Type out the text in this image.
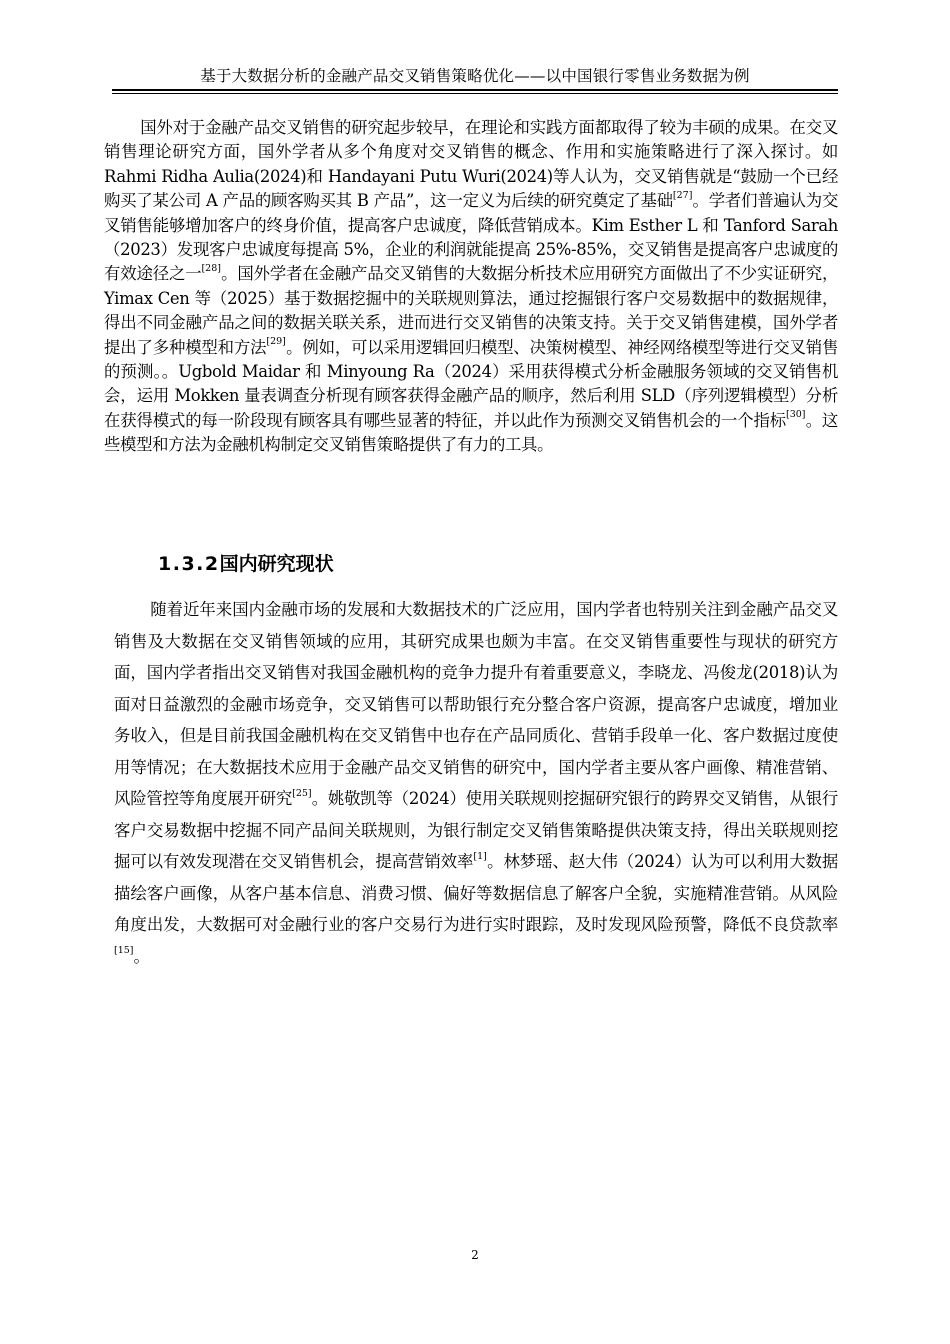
基于大数据分析的金融产品交叉销售策略优化——以中国银行零售业务数据为例

国外对于金融产品交叉销售的研究起步较早，在理论和实践方面都取得了较为丰硕的成果。在交叉销售理论研究方面，国外学者从多个角度对交叉销售的概念、作用和实施策略进行了深入探讨。如 Rahmi Ridha Aulia(2024)和 Handayani Putu Wuri(2024)等人认为，交叉销售就是“鼓励一个已经购买了某公司 A 产品的顾客购买其 B 产品”，这一定义为后续的研究奠定了基础[27]。学者们普遍认为交叉销售能够增加客户的终身价值，提高客户忠诚度，降低营销成本。Kim Esther L 和 Tanford Sarah（2023）发现客户忠诚度每提高 5%，企业的利润就能提高 25%-85%，交叉销售是提高客户忠诚度的有效途径之一[28]。国外学者在金融产品交叉销售的大数据分析技术应用研究方面做出了不少实证研究，Yimax Cen 等（2025）基于数据挖掘中的关联规则算法，通过挖掘银行客户交易数据中的数据规律，得出不同金融产品之间的数据关联关系，进而进行交叉销售的决策支持。关于交叉销售建模，国外学者提出了多种模型和方法[29]。例如，可以采用逻辑回归模型、决策树模型、神经网络模型等进行交叉销售的预测。。Ugbold Maidar 和 Minyoung Ra（2024）采用获得模式分析金融服务领域的交叉销售机会，运用 Mokken 量表调查分析现有顾客获得金融产品的顺序，然后利用 SLD（序列逻辑模型）分析在获得模式的每一阶段现有顾客具有哪些显著的特征，并以此作为预测交叉销售机会的一个指标[30]。这些模型和方法为金融机构制定交叉销售策略提供了有力的工具。

1.3.2国内研究现状

随着近年来国内金融市场的发展和大数据技术的广泛应用，国内学者也特别关注到金融产品交叉销售及大数据在交叉销售领域的应用，其研究成果也颇为丰富。在交叉销售重要性与现状的研究方面，国内学者指出交叉销售对我国金融机构的竞争力提升有着重要意义，李晓龙、冯俊龙(2018)认为面对日益激烈的金融市场竞争，交叉销售可以帮助银行充分整合客户资源，提高客户忠诚度，增加业务收入，但是目前我国金融机构在交叉销售中也存在产品同质化、营销手段单一化、客户数据过度使用等情况；在大数据技术应用于金融产品交叉销售的研究中，国内学者主要从客户画像、精准营销、风险管控等角度展开研究[25]。姚敬凯等（2024）使用关联规则挖掘研究银行的跨界交叉销售，从银行客户交易数据中挖掘不同产品间关联规则，为银行制定交叉销售策略提供决策支持，得出关联规则挖掘可以有效发现潜在交叉销售机会，提高营销效率[1]。林梦瑶、赵大伟（2024）认为可以利用大数据描绘客户画像，从客户基本信息、消费习惯、偏好等数据信息了解客户全貌，实施精准营销。从风险角度出发，大数据可对金融行业的客户交易行为进行实时跟踪，及时发现风险预警，降低不良贷款率[15]。

2
